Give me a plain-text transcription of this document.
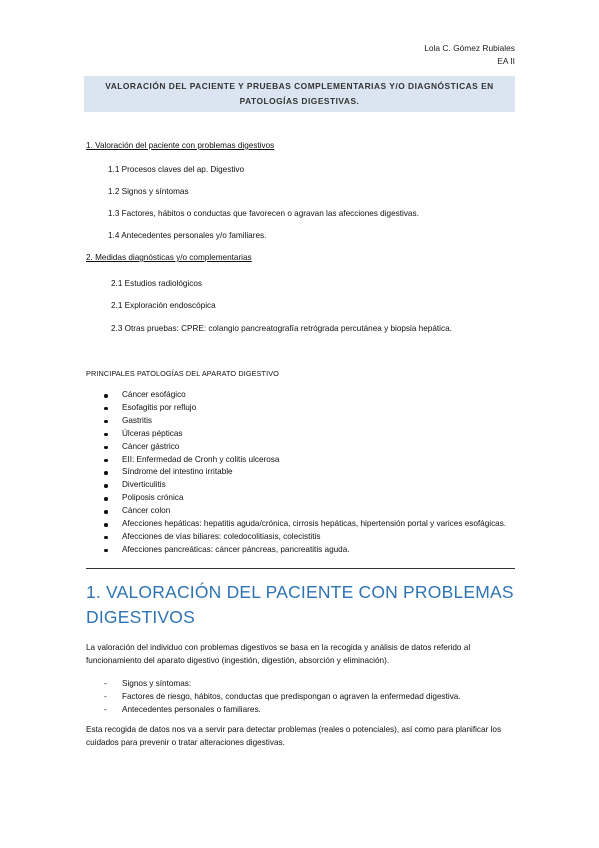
Lola C. Gómez Rubiales
EA II
VALORACIÓN DEL PACIENTE Y PRUEBAS COMPLEMENTARIAS Y/O DIAGNÓSTICAS EN
PATOLOGÍAS DIGESTIVAS.
1. Valoración del paciente con problemas digestivos
1.1 Procesos claves del ap. Digestivo
1.2 Signos y síntomas
1.3 Factores, hábitos o conductas que favorecen o agravan las afecciones digestivas.
1.4 Antecedentes personales y/o familiares.
2. Medidas diagnósticas y/o complementarias
2.1 Estudios radiológicos
2.1 Exploración endoscópica
2.3 Otras pruebas: CPRE: colangio pancreatografía retrógrada percutánea y biopsia hepática.
PRINCIPALES PATOLOGÍAS DEL APARATO DIGESTIVO
Cáncer esofágico
Esofagitis por reflujo
Gastritis
Úlceras pépticas
Cáncer gástrico
EII: Enfermedad de Cronh y colitis ulcerosa
Síndrome del intestino irritable
Diverticulitis
Poliposis crónica
Cáncer colon
Afecciones hepáticas: hepatitis aguda/crónica, cirrosis hepáticas, hipertensión portal y varices esofágicas.
Afecciones de vías biliares: coledocolitiasis, colecistitis
Afecciones pancreáticas: cáncer páncreas, pancreatitis aguda.
1. VALORACIÓN DEL PACIENTE CON PROBLEMAS DIGESTIVOS
La valoración del individuo con problemas digestivos se basa en la recogida y análisis de datos referido al funcionamiento del aparato digestivo (ingestión, digestión, absorción y eliminación).
- Signos y síntomas:
- Factores de riesgo, hábitos, conductas que predispongan o agraven la enfermedad digestiva.
- Antecedentes personales o familiares.
Esta recogida de datos nos va a servir para detectar problemas (reales o potenciales), así como para planificar los cuidados para prevenir o tratar alteraciones digestivas.
